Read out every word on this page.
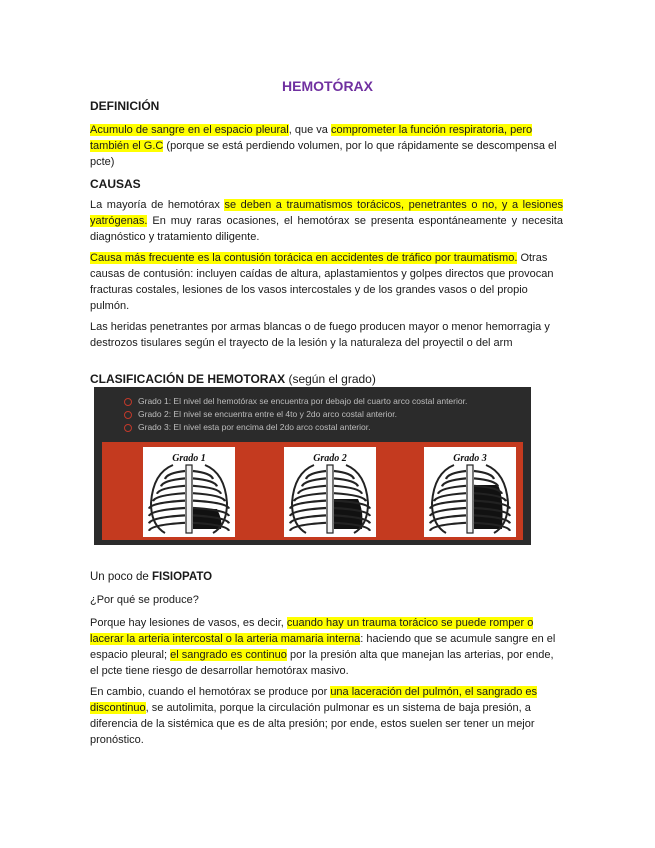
HEMOTÓRAX
DEFINICIÓN

Acumulo de sangre en el espacio pleural, que va comprometer la función respiratoria, pero también el G.C (porque se está perdiendo volumen, por lo que rápidamente se descompensa el pcte)

CAUSAS

La mayoría de hemotórax se deben a traumatismos torácicos, penetrantes o no, y a lesiones yatrógenas. En muy raras ocasiones, el hemotórax se presenta espontáneamente y necesita diagnóstico y tratamiento diligente.

Causa más frecuente es la contusión torácica en accidentes de tráfico por traumatismo. Otras causas de contusión: incluyen caídas de altura, aplastamientos y golpes directos que provocan fracturas costales, lesiones de los vasos intercostales y de los grandes vasos o del propio pulmón.

Las heridas penetrantes por armas blancas o de fuego producen mayor o menor hemorragia y destrozos tisulares según el trayecto de la lesión y la naturaleza del proyectil o del arm

CLASIFICACIÓN DE HEMOTORAX (según el grado)
Grado 1: El nivel del hemotórax se encuentra por debajo del cuarto arco costal anterior.
Grado 2: El nivel se encuentra entre el 4to y 2do arco costal anterior.
Grado 3: El nivel esta por encima del 2do arco costal anterior.
Grado 1	Grado 2	Grado 3
Un poco de FISIOPATO

¿Por qué se produce?

Porque hay lesiones de vasos, es decir, cuando hay un trauma torácico se puede romper o lacerar la arteria intercostal o la arteria mamaria interna: haciendo que se acumule sangre en el espacio pleural; el sangrado es continuo por la presión alta que manejan las arterias, por ende, el pcte tiene riesgo de desarrollar hemotórax masivo.

En cambio, cuando el hemotórax se produce por una laceración del pulmón, el sangrado es discontinuo, se autolimita, porque la circulación pulmonar es un sistema de baja presión, a diferencia de la sistémica que es de alta presión; por ende, estos suelen ser tener un mejor pronóstico.
